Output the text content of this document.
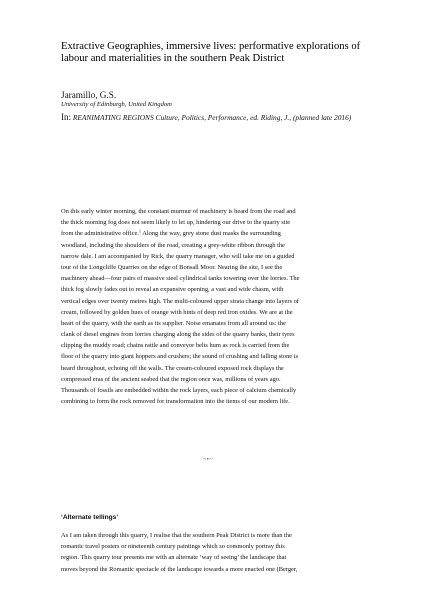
Extractive Geographies, immersive lives: performative explorations of labour and materialities in the southern Peak District
Jaramillo, G.S.
University of Edinburgh, United Kingdom
In: REANIMATING REGIONS Culture, Politics, Performance, ed. Riding, J., (planned late 2016)

On this early winter morning, the constant murmur of machinery is heard from the road and
the thick morning fog does not seem likely to let up, hindering our drive to the quarry site
from the administrative office.$^1$ Along the way, grey stone dust masks the surrounding
woodland, including the shoulders of the road, creating a grey-white ribbon through the
narrow dale. I am accompanied by Rick, the quarry manager, who will take me on a guided
tour of the Longcliffe Quarries on the edge of Bonsall Moor. Nearing the site, I see the
machinery ahead—four pairs of massive steel cylindrical tanks towering over the lorries. The
thick fog slowly fades out to reveal an expansive opening, a vast and wide chasm, with
vertical edges over twenty metres high. The multi-coloured upper strata change into layers of
cream, followed by golden hues of orange with hints of deep red iron oxides. We are at the
heart of the quarry, with the earth as its supplier. Noise emanates from all around us: the
clank of diesel engines from lorries charging along the sides of the quarry banks, their tyres
clipping the muddy road; chains rattle and conveyor belts hum as rock is carried from the
floor of the quarry into giant hoppers and crushers; the sound of crushing and falling stone is
heard throughout, echoing off the walls. The cream-coloured exposed rock displays the
compressed eras of the ancient seabed that the region once was, millions of years ago.
Thousands of fossils are embedded within the rock layers, each piece of calcium chemically
combining to form the rock removed for transformation into the items of our modern life.

~•~
‘Alternate tellings’

As I am taken through this quarry, I realise that the southern Peak District is more than the
romantic travel posters or nineteenth century paintings which so commonly portray this
region. This quarry tour presents me with an alternate ‘way of seeing’ the landscape that
moves beyond the Romantic spectacle of the landscape towards a more enacted one (Berger,
